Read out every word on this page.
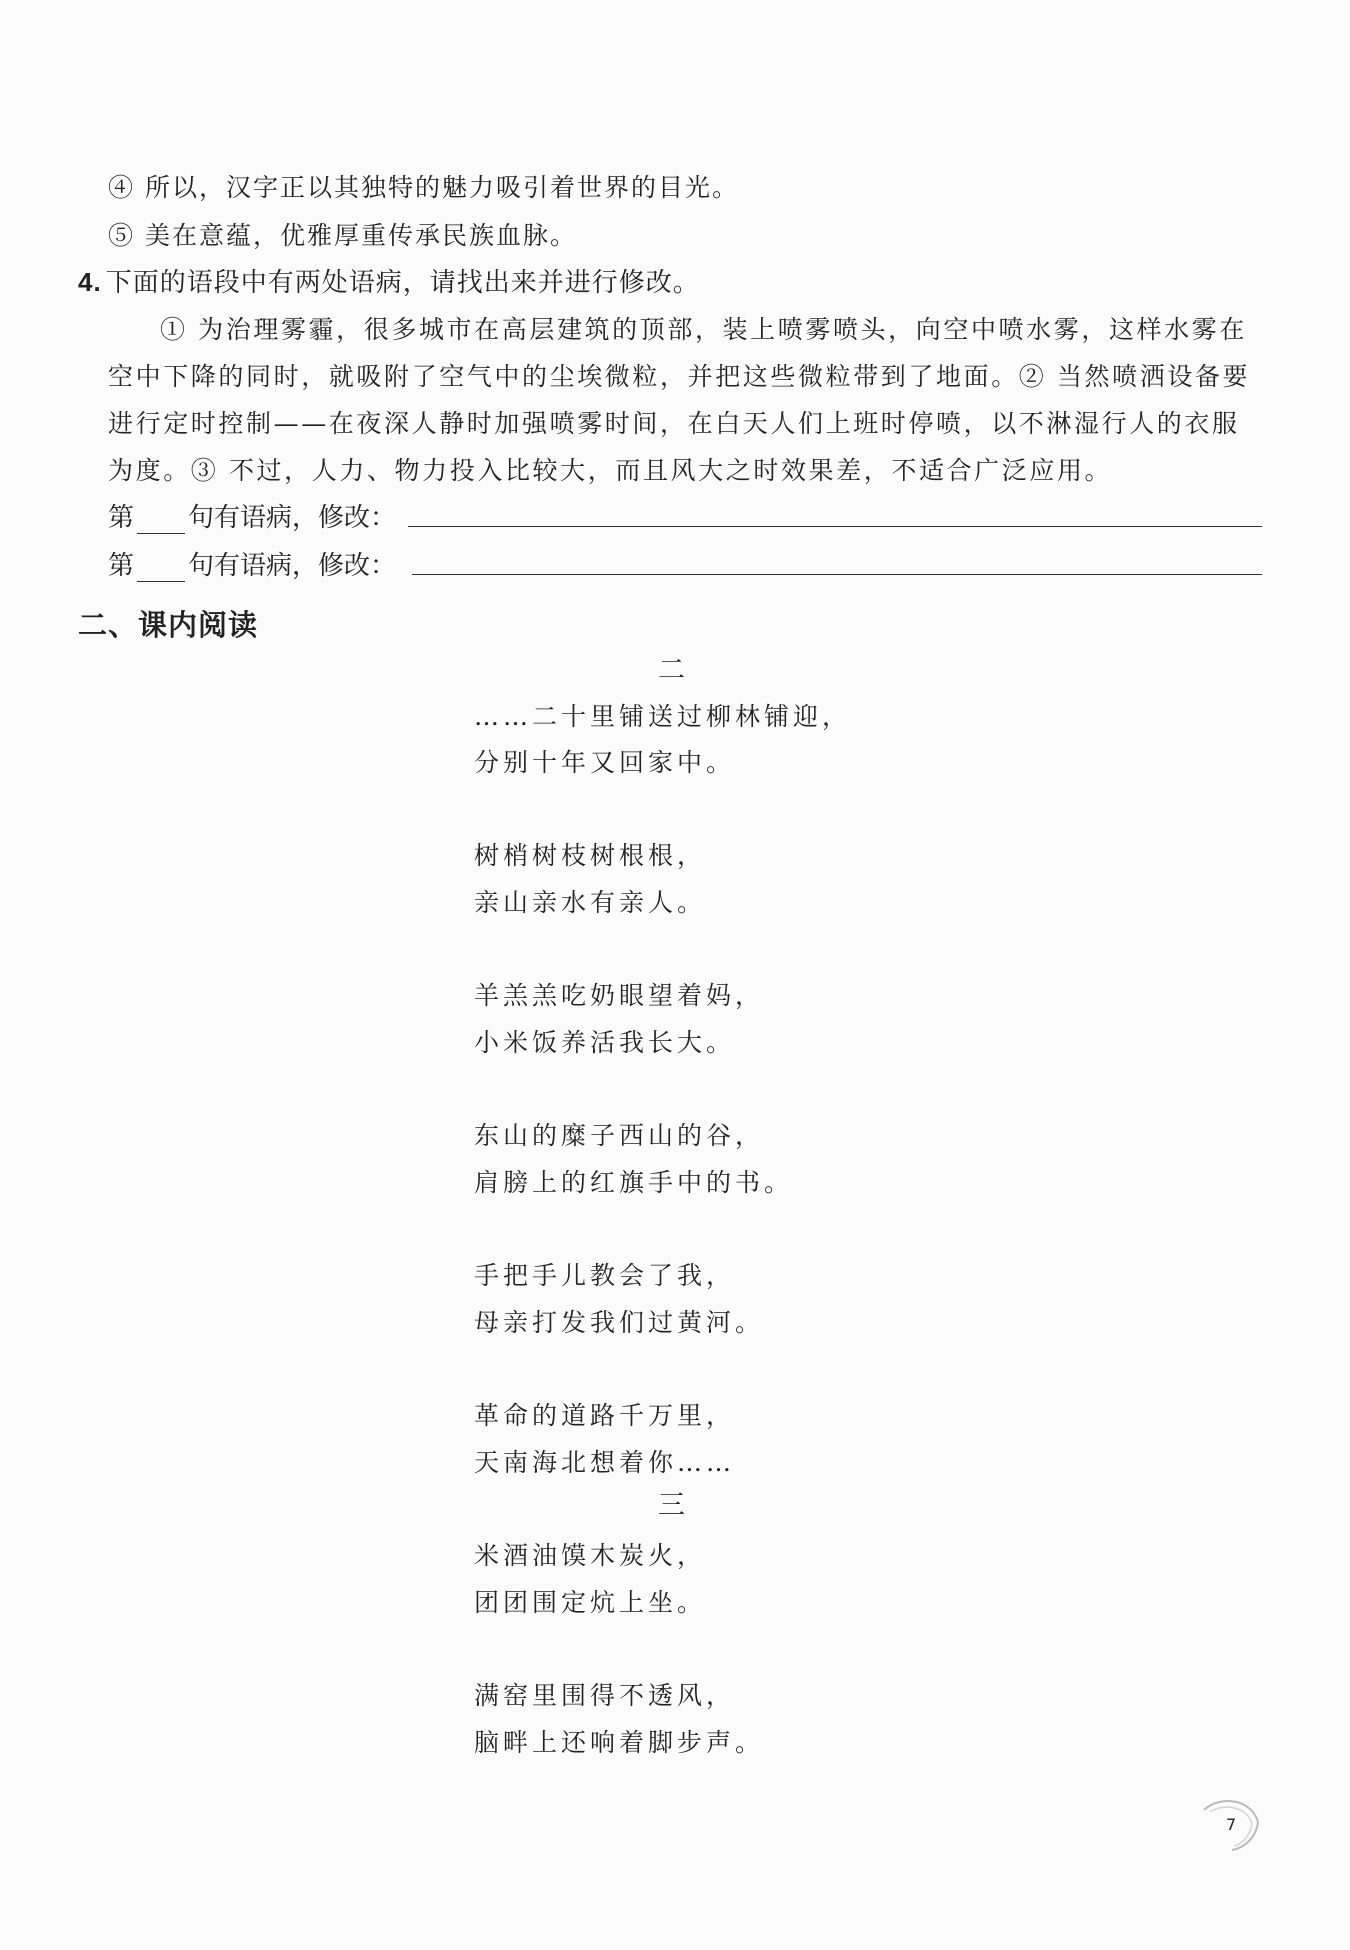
④ 所以，汉字正以其独特的魅力吸引着世界的目光。
⑤ 美在意蕴，优雅厚重传承民族血脉。
4. 下面的语段中有两处语病，请找出来并进行修改。
① 为治理雾霾，很多城市在高层建筑的顶部，装上喷雾喷头，向空中喷水雾，这样水雾在
空中下降的同时，就吸附了空气中的尘埃微粒，并把这些微粒带到了地面。② 当然喷洒设备要
进行定时控制——在夜深人静时加强喷雾时间，在白天人们上班时停喷，以不淋湿行人的衣服
为度。③ 不过，人力、物力投入比较大，而且风大之时效果差，不适合广泛应用。
第 句有语病，修改：
第 句有语病，修改：
二、课内阅读
二
……二十里铺送过柳林铺迎，
分别十年又回家中。
树梢树枝树根根，
亲山亲水有亲人。
羊羔羔吃奶眼望着妈，
小米饭养活我长大。
东山的糜子西山的谷，
肩膀上的红旗手中的书。
手把手儿教会了我，
母亲打发我们过黄河。
革命的道路千万里，
天南海北想着你……
三
米酒油馍木炭火，
团团围定炕上坐。
满窑里围得不透风，
脑畔上还响着脚步声。
7
